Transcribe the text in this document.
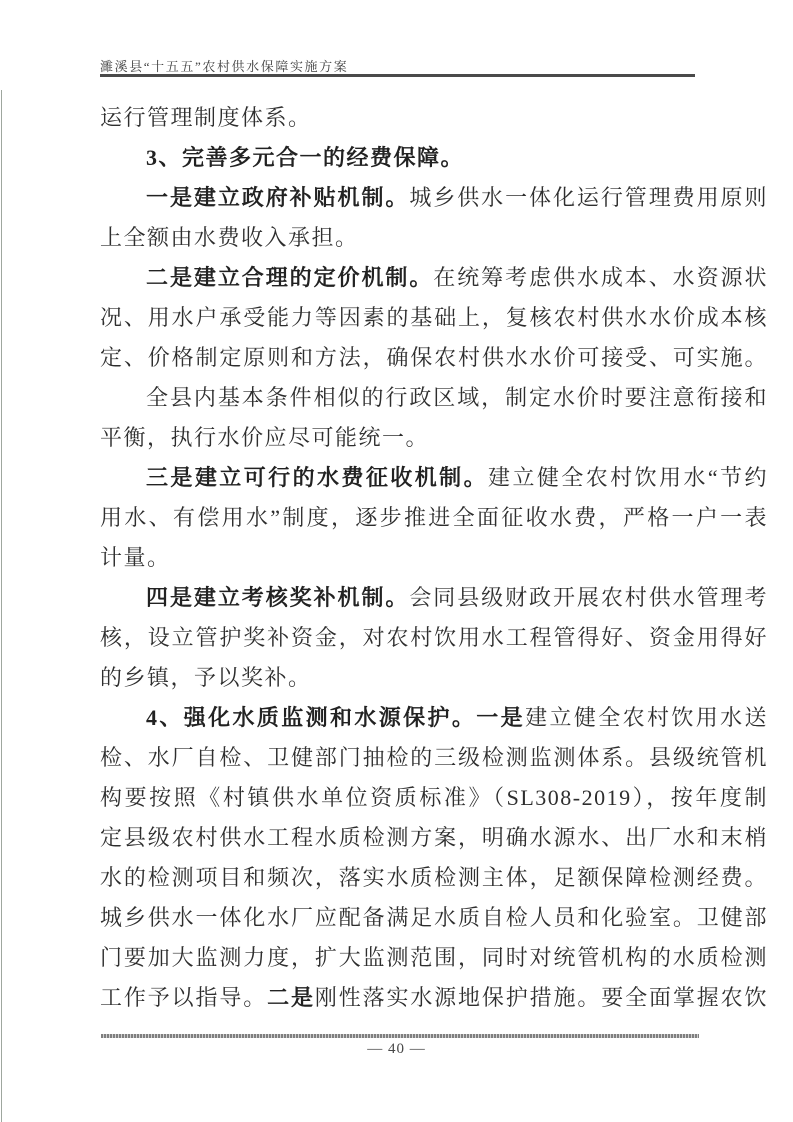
濉溪县“十五五”农村供水保障实施方案
运行管理制度体系。
3、完善多元合一的经费保障。
一是建立政府补贴机制。城乡供水一体化运行管理费用原则
上全额由水费收入承担。
二是建立合理的定价机制。在统筹考虑供水成本、水资源状
况、用水户承受能力等因素的基础上，复核农村供水水价成本核
定、价格制定原则和方法，确保农村供水水价可接受、可实施。
全县内基本条件相似的行政区域，制定水价时要注意衔接和
平衡，执行水价应尽可能统一。
三是建立可行的水费征收机制。建立健全农村饮用水“节约
用水、有偿用水”制度，逐步推进全面征收水费，严格一户一表
计量。
四是建立考核奖补机制。会同县级财政开展农村供水管理考
核，设立管护奖补资金，对农村饮用水工程管得好、资金用得好
的乡镇，予以奖补。
4、强化水质监测和水源保护。一是建立健全农村饮用水送
检、水厂自检、卫健部门抽检的三级检测监测体系。县级统管机
构要按照《村镇供水单位资质标准》（SL308-2019），按年度制
定县级农村供水工程水质检测方案，明确水源水、出厂水和末梢
水的检测项目和频次，落实水质检测主体，足额保障检测经费。
城乡供水一体化水厂应配备满足水质自检人员和化验室。卫健部
门要加大监测力度，扩大监测范围，同时对统管机构的水质检测
工作予以指导。二是刚性落实水源地保护措施。要全面掌握农饮
— 40 —
